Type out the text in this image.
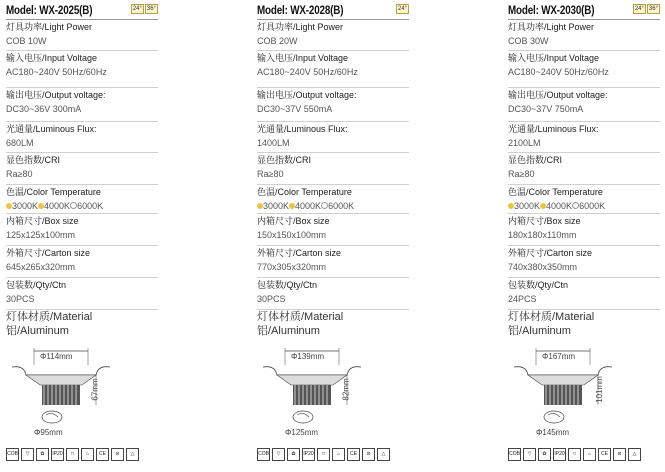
Model: WX-2025(B)	24° 36°
灯具功率/Light Power
COB 10W
输入电压/Input Voltage
AC180~240V 50Hz/60Hz
输出电压/Output voltage:
DC30~36V 300mA
光通量/Luminous Flux:
680LM
显色指数/CRI
Ra≥80
色温/Color Temperature
3000K 4000K 6000K
内箱尺寸/Box size
125x125x100mm
外箱尺寸/Carton size
645x265x320mm
包装数/Qty/Ctn
30PCS
灯体材质/Material
铝/Aluminum
Φ114mm
67mm
Φ95mm
COB	▽	✿	IP20	□	⌂	CE	⊘	△
Model: WX-2028(B)	24°
灯具功率/Light Power
COB 20W
输入电压/Input Voltage
AC180~240V 50Hz/60Hz
输出电压/Output voltage:
DC30~37V 550mA
光通量/Luminous Flux:
1400LM
显色指数/CRI
Ra≥80
色温/Color Temperature
3000K 4000K 6000K
内箱尺寸/Box size
150x150x100mm
外箱尺寸/Carton size
770x305x320mm
包装数/Qty/Ctn
30PCS
灯体材质/Material
铝/Aluminum
Φ139mm
82mm
Φ125mm
COB	▽	✿	IP20	□	⌂	CE	⊘	△
Model: WX-2030(B)	24° 36°
灯具功率/Light Power
COB 30W
输入电压/Input Voltage
AC180~240V 50Hz/60Hz
输出电压/Output voltage:
DC30~37V 750mA
光通量/Luminous Flux:
2100LM
显色指数/CRI
Ra≥80
色温/Color Temperature
3000K 4000K 6000K
内箱尺寸/Box size
180x180x110mm
外箱尺寸/Carton size
740x380x350mm
包装数/Qty/Ctn
24PCS
灯体材质/Material
铝/Aluminum
Φ167mm
101mm
Φ145mm
COB	▽	✿	IP20	□	⌂	CE	⊘	△
